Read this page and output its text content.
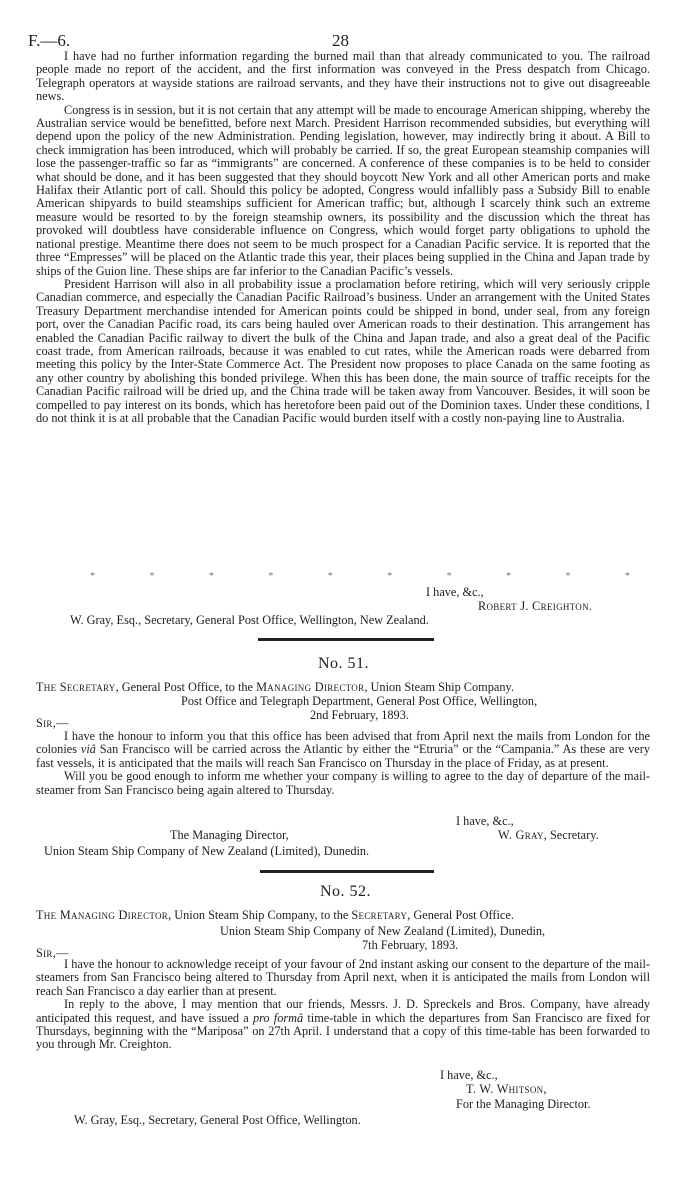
F.—6.	28

I have had no further information regarding the burned mail than that already communicated to you. The railroad people made no report of the accident, and the first information was conveyed in the Press despatch from Chicago. Telegraph operators at wayside stations are railroad servants, and they have their instructions not to give out disagreeable news.

Congress is in session, but it is not certain that any attempt will be made to encourage American shipping, whereby the Australian service would be benefitted, before next March. President Harrison recommended subsidies, but everything will depend upon the policy of the new Administration. Pending legislation, however, may indirectly bring it about. A Bill to check immigration has been introduced, which will probably be carried. If so, the great European steamship companies will lose the passenger-traffic so far as “immigrants” are concerned. A conference of these companies is to be held to consider what should be done, and it has been suggested that they should boycott New York and all other American ports and make Halifax their Atlantic port of call. Should this policy be adopted, Congress would infallibly pass a Subsidy Bill to enable American shipyards to build steamships sufficient for American traffic; but, although I scarcely think such an extreme measure would be resorted to by the foreign steamship owners, its possibility and the discussion which the threat has provoked will doubtless have considerable influence on Congress, which would forget party obligations to uphold the national prestige. Meantime there does not seem to be much prospect for a Canadian Pacific service. It is reported that the three “Empresses” will be placed on the Atlantic trade this year, their places being supplied in the China and Japan trade by ships of the Guion line. These ships are far inferior to the Canadian Pacific’s vessels.

President Harrison will also in all probability issue a proclamation before retiring, which will very seriously cripple Canadian commerce, and especially the Canadian Pacific Railroad’s business. Under an arrangement with the United States Treasury Department merchandise intended for American points could be shipped in bond, under seal, from any foreign port, over the Canadian Pacific road, its cars being hauled over American roads to their destination. This arrangement has enabled the Canadian Pacific railway to divert the bulk of the China and Japan trade, and also a great deal of the Pacific coast trade, from American railroads, because it was enabled to cut rates, while the American roads were debarred from meeting this policy by the Inter-State Commerce Act. The President now proposes to place Canada on the same footing as any other country by abolishing this bonded privilege. When this has been done, the main source of traffic receipts for the Canadian Pacific railroad will be dried up, and the China trade will be taken away from Vancouver. Besides, it will soon be compelled to pay interest on its bonds, which has heretofore been paid out of the Dominion taxes. Under these conditions, I do not think it is at all probable that the Canadian Pacific would burden itself with a costly non-paying line to Australia.

*	*	*	*	*	*	*	*	*	*
I have, &c.,
Robert J. Creighton.
W. Gray, Esq., Secretary, General Post Office, Wellington, New Zealand.
No. 51.
The Secretary, General Post Office, to the Managing Director, Union Steam Ship Company.
Post Office and Telegraph Department, General Post Office, Wellington,
2nd February, 1893.
Sir,—

I have the honour to inform you that this office has been advised that from April next the mails from London for the colonies viâ San Francisco will be carried across the Atlantic by either the “Etruria” or the “Campania.” As these are very fast vessels, it is anticipated that the mails will reach San Francisco on Thursday in the place of Friday, as at present.

Will you be good enough to inform me whether your company is willing to agree to the day of departure of the mail-steamer from San Francisco being again altered to Thursday.

I have, &c.,
The Managing Director,	W. Gray, Secretary.
Union Steam Ship Company of New Zealand (Limited), Dunedin.
No. 52.
The Managing Director, Union Steam Ship Company, to the Secretary, General Post Office.
Union Steam Ship Company of New Zealand (Limited), Dunedin,
7th February, 1893.
Sir,—

I have the honour to acknowledge receipt of your favour of 2nd instant asking our consent to the departure of the mail-steamers from San Francisco being altered to Thursday from April next, when it is anticipated the mails from London will reach San Francisco a day earlier than at present.

In reply to the above, I may mention that our friends, Messrs. J. D. Spreckels and Bros. Company, have already anticipated this request, and have issued a pro formâ time-table in which the departures from San Francisco are fixed for Thursdays, beginning with the “Mariposa” on 27th April. I understand that a copy of this time-table has been forwarded to you through Mr. Creighton.

I have, &c.,
T. W. Whitson,
For the Managing Director.
W. Gray, Esq., Secretary, General Post Office, Wellington.
